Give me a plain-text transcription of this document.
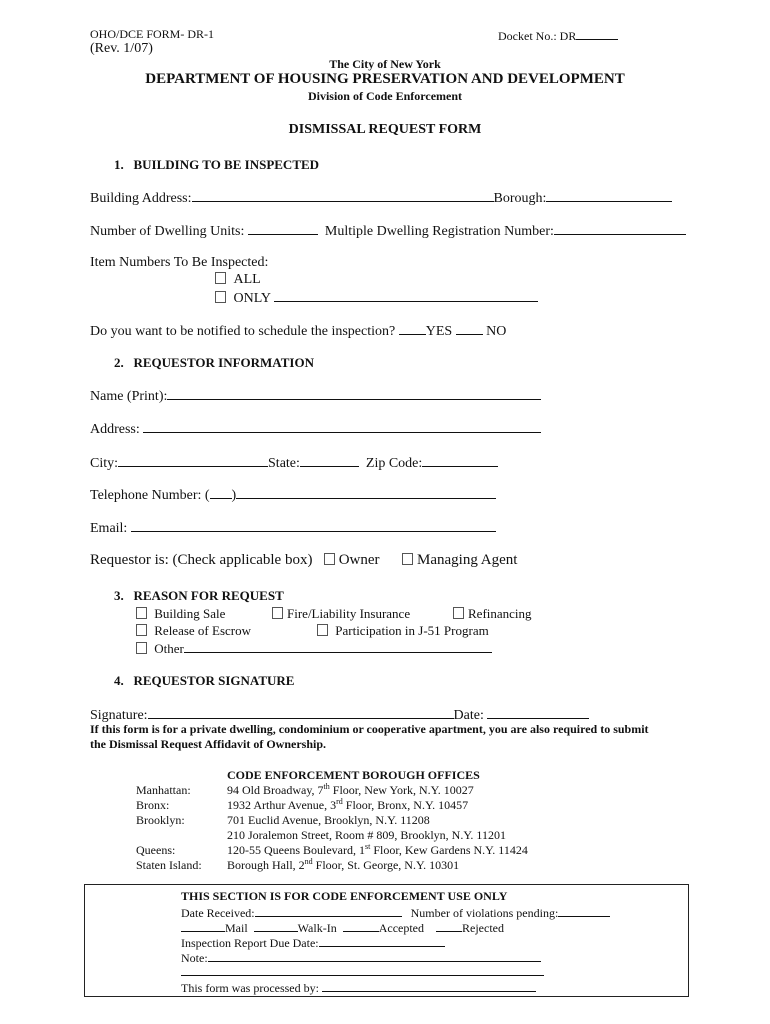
OHO/DCE FORM- DR-1
(Rev. 1/07)
Docket No.: DR
The City of New York
DEPARTMENT OF HOUSING PRESERVATION AND DEVELOPMENT
Division of Code Enforcement
DISMISSAL REQUEST FORM
1.   BUILDING TO BE INSPECTED
Building Address:	Borough:
Number of Dwelling Units:	Multiple Dwelling Registration Number:
Item Numbers To Be Inspected:
ALL
ONLY
Do you want to be notified to schedule the inspection? YES NO
2.   REQUESTOR INFORMATION
Name (Print):
Address:
City:	State:	Zip Code:
Telephone Number: ( )
Email:
Requestor is: (Check applicable box) Owner	Managing Agent
3.   REASON FOR REQUEST
Building Sale	Fire/Liability Insurance	Refinancing
Release of Escrow	Participation in J-51 Program
Other
4.   REQUESTOR SIGNATURE
Signature:	Date:
If this form is for a private dwelling, condominium or cooperative apartment, you are also required to submit
the Dismissal Request Affidavit of Ownership.
CODE ENFORCEMENT BOROUGH OFFICES
Manhattan:	94 Old Broadway, 7th Floor, New York, N.Y. 10027
Bronx:	1932 Arthur Avenue, 3rd Floor, Bronx, N.Y. 10457
Brooklyn:	701 Euclid Avenue, Brooklyn, N.Y. 11208
210 Joralemon Street, Room # 809, Brooklyn, N.Y. 11201
Queens:	120-55 Queens Boulevard, 1st Floor, Kew Gardens N.Y. 11424
Staten Island: Borough Hall, 2nd Floor, St. George, N.Y. 10301
THIS SECTION IS FOR CODE ENFORCEMENT USE ONLY
Date Received:	Number of violations pending:
Mail	Walk-In	Accepted	Rejected
Inspection Report Due Date:
Note:
This form was processed by:
